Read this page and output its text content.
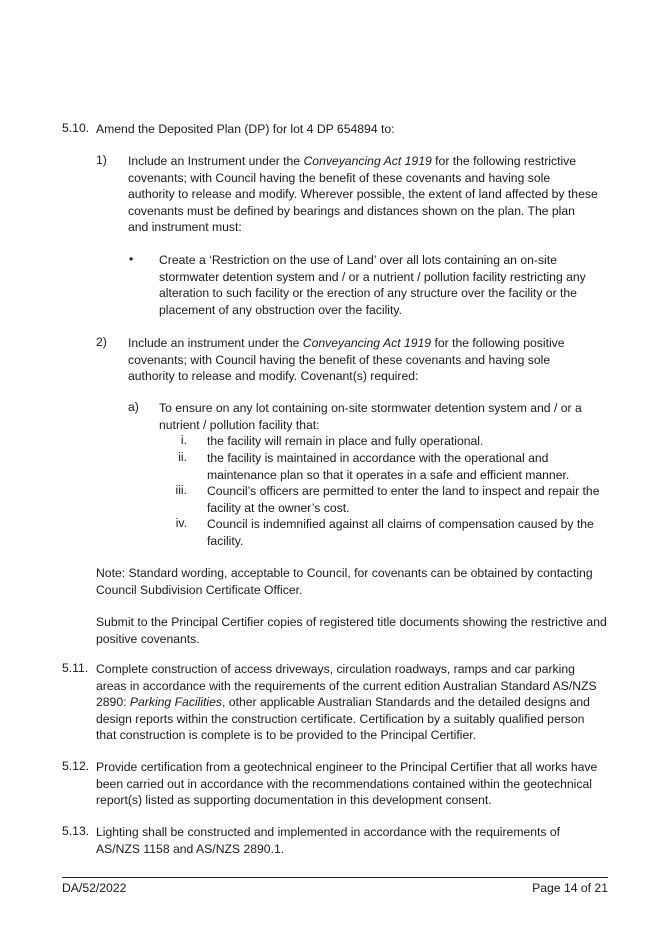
5.10. Amend the Deposited Plan (DP) for lot 4 DP 654894 to:
1) Include an Instrument under the Conveyancing Act 1919 for the following restrictive covenants; with Council having the benefit of these covenants and having sole authority to release and modify. Wherever possible, the extent of land affected by these covenants must be defined by bearings and distances shown on the plan. The plan and instrument must:
• Create a ‘Restriction on the use of Land’ over all lots containing an on-site stormwater detention system and / or a nutrient / pollution facility restricting any alteration to such facility or the erection of any structure over the facility or the placement of any obstruction over the facility.
2) Include an instrument under the Conveyancing Act 1919 for the following positive covenants; with Council having the benefit of these covenants and having sole authority to release and modify. Covenant(s) required:
a) To ensure on any lot containing on-site stormwater detention system and / or a nutrient / pollution facility that:
i. the facility will remain in place and fully operational.
ii. the facility is maintained in accordance with the operational and maintenance plan so that it operates in a safe and efficient manner.
iii. Council’s officers are permitted to enter the land to inspect and repair the facility at the owner’s cost.
iv. Council is indemnified against all claims of compensation caused by the facility.
Note: Standard wording, acceptable to Council, for covenants can be obtained by contacting Council Subdivision Certificate Officer.
Submit to the Principal Certifier copies of registered title documents showing the restrictive and positive covenants.
5.11. Complete construction of access driveways, circulation roadways, ramps and car parking areas in accordance with the requirements of the current edition Australian Standard AS/NZS 2890: Parking Facilities, other applicable Australian Standards and the detailed designs and design reports within the construction certificate. Certification by a suitably qualified person that construction is complete is to be provided to the Principal Certifier.
5.12. Provide certification from a geotechnical engineer to the Principal Certifier that all works have been carried out in accordance with the recommendations contained within the geotechnical report(s) listed as supporting documentation in this development consent.
5.13. Lighting shall be constructed and implemented in accordance with the requirements of AS/NZS 1158 and AS/NZS 2890.1.
DA/52/2022	Page 14 of 21
